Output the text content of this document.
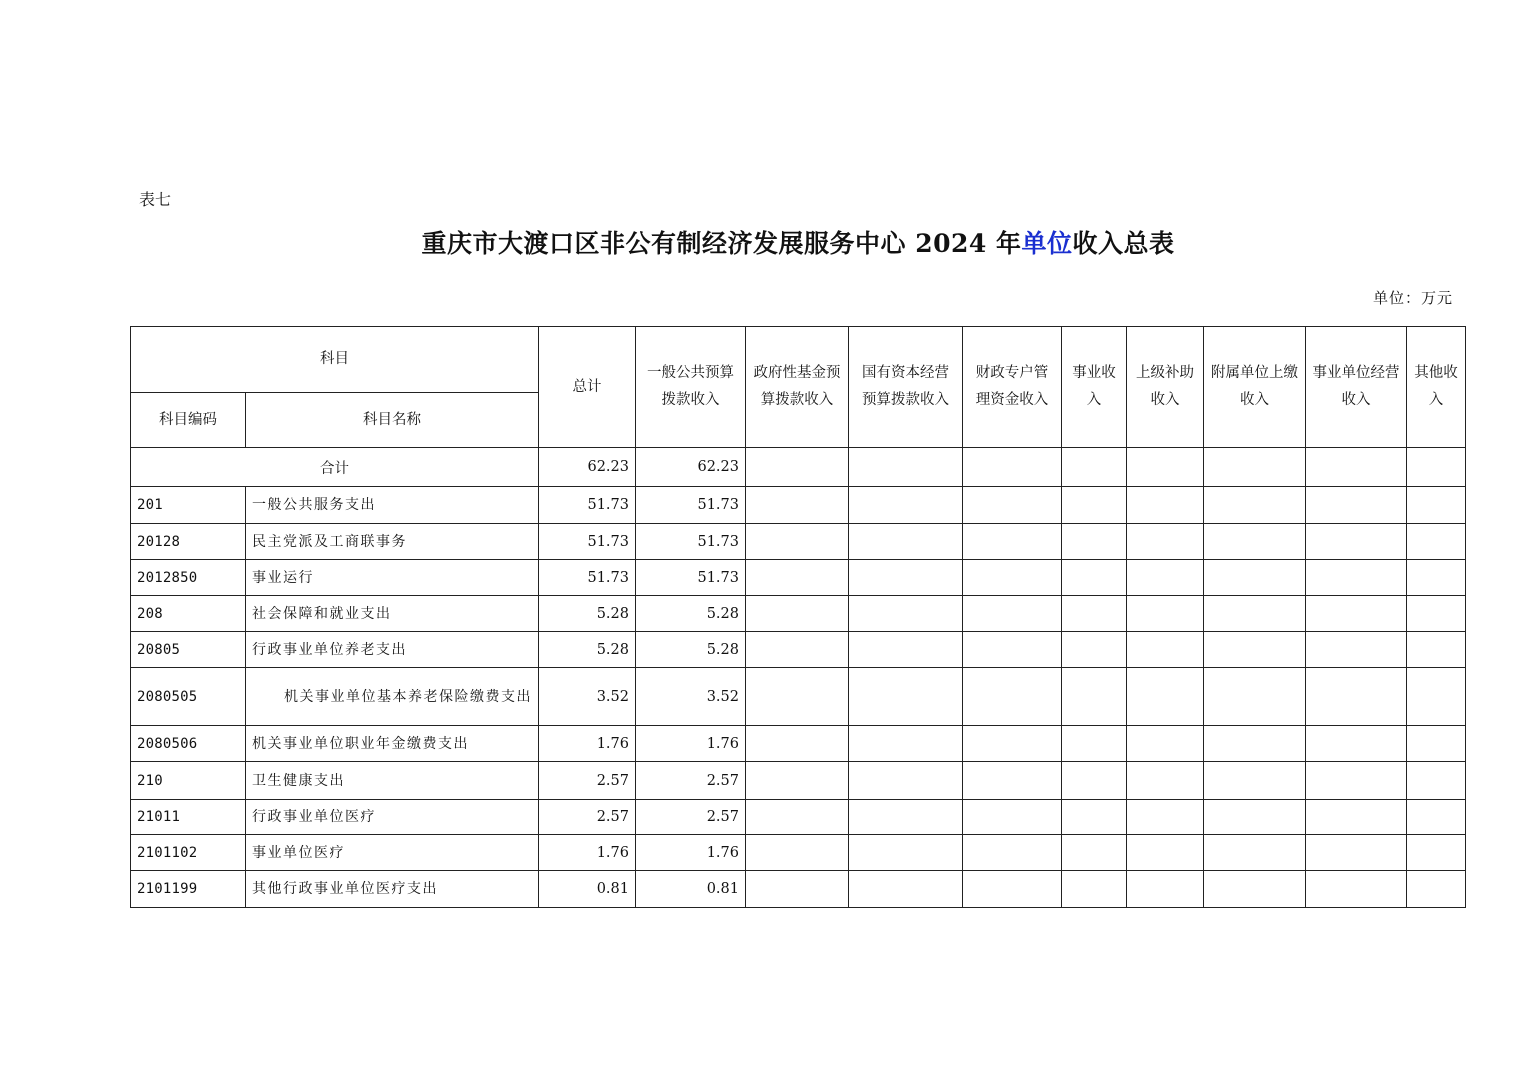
表七
重庆市大渡口区非公有制经济发展服务中心 2024 年单位收入总表
单位：万元
科目		总计	一般公共预算拨款收入	政府性基金预算拨款收入	国有资本经营预算拨款收入	财政专户管理资金收入	事业收入	上级补助收入	附属单位上缴收入	事业单位经营收入	其他收入
科目编码	科目名称										
合计		62.23	62.23								
201	一般公共服务支出	51.73	51.73								
20128	民主党派及工商联事务	51.73	51.73								
2012850	事业运行	51.73	51.73								
208	社会保障和就业支出	5.28	5.28								
20805	行政事业单位养老支出	5.28	5.28								
2080505	机关事业单位基本养老保险缴费支出	3.52	3.52								
2080506	机关事业单位职业年金缴费支出	1.76	1.76								
210	卫生健康支出	2.57	2.57								
21011	行政事业单位医疗	2.57	2.57								
2101102	事业单位医疗	1.76	1.76								
2101199	其他行政事业单位医疗支出	0.81	0.81								
